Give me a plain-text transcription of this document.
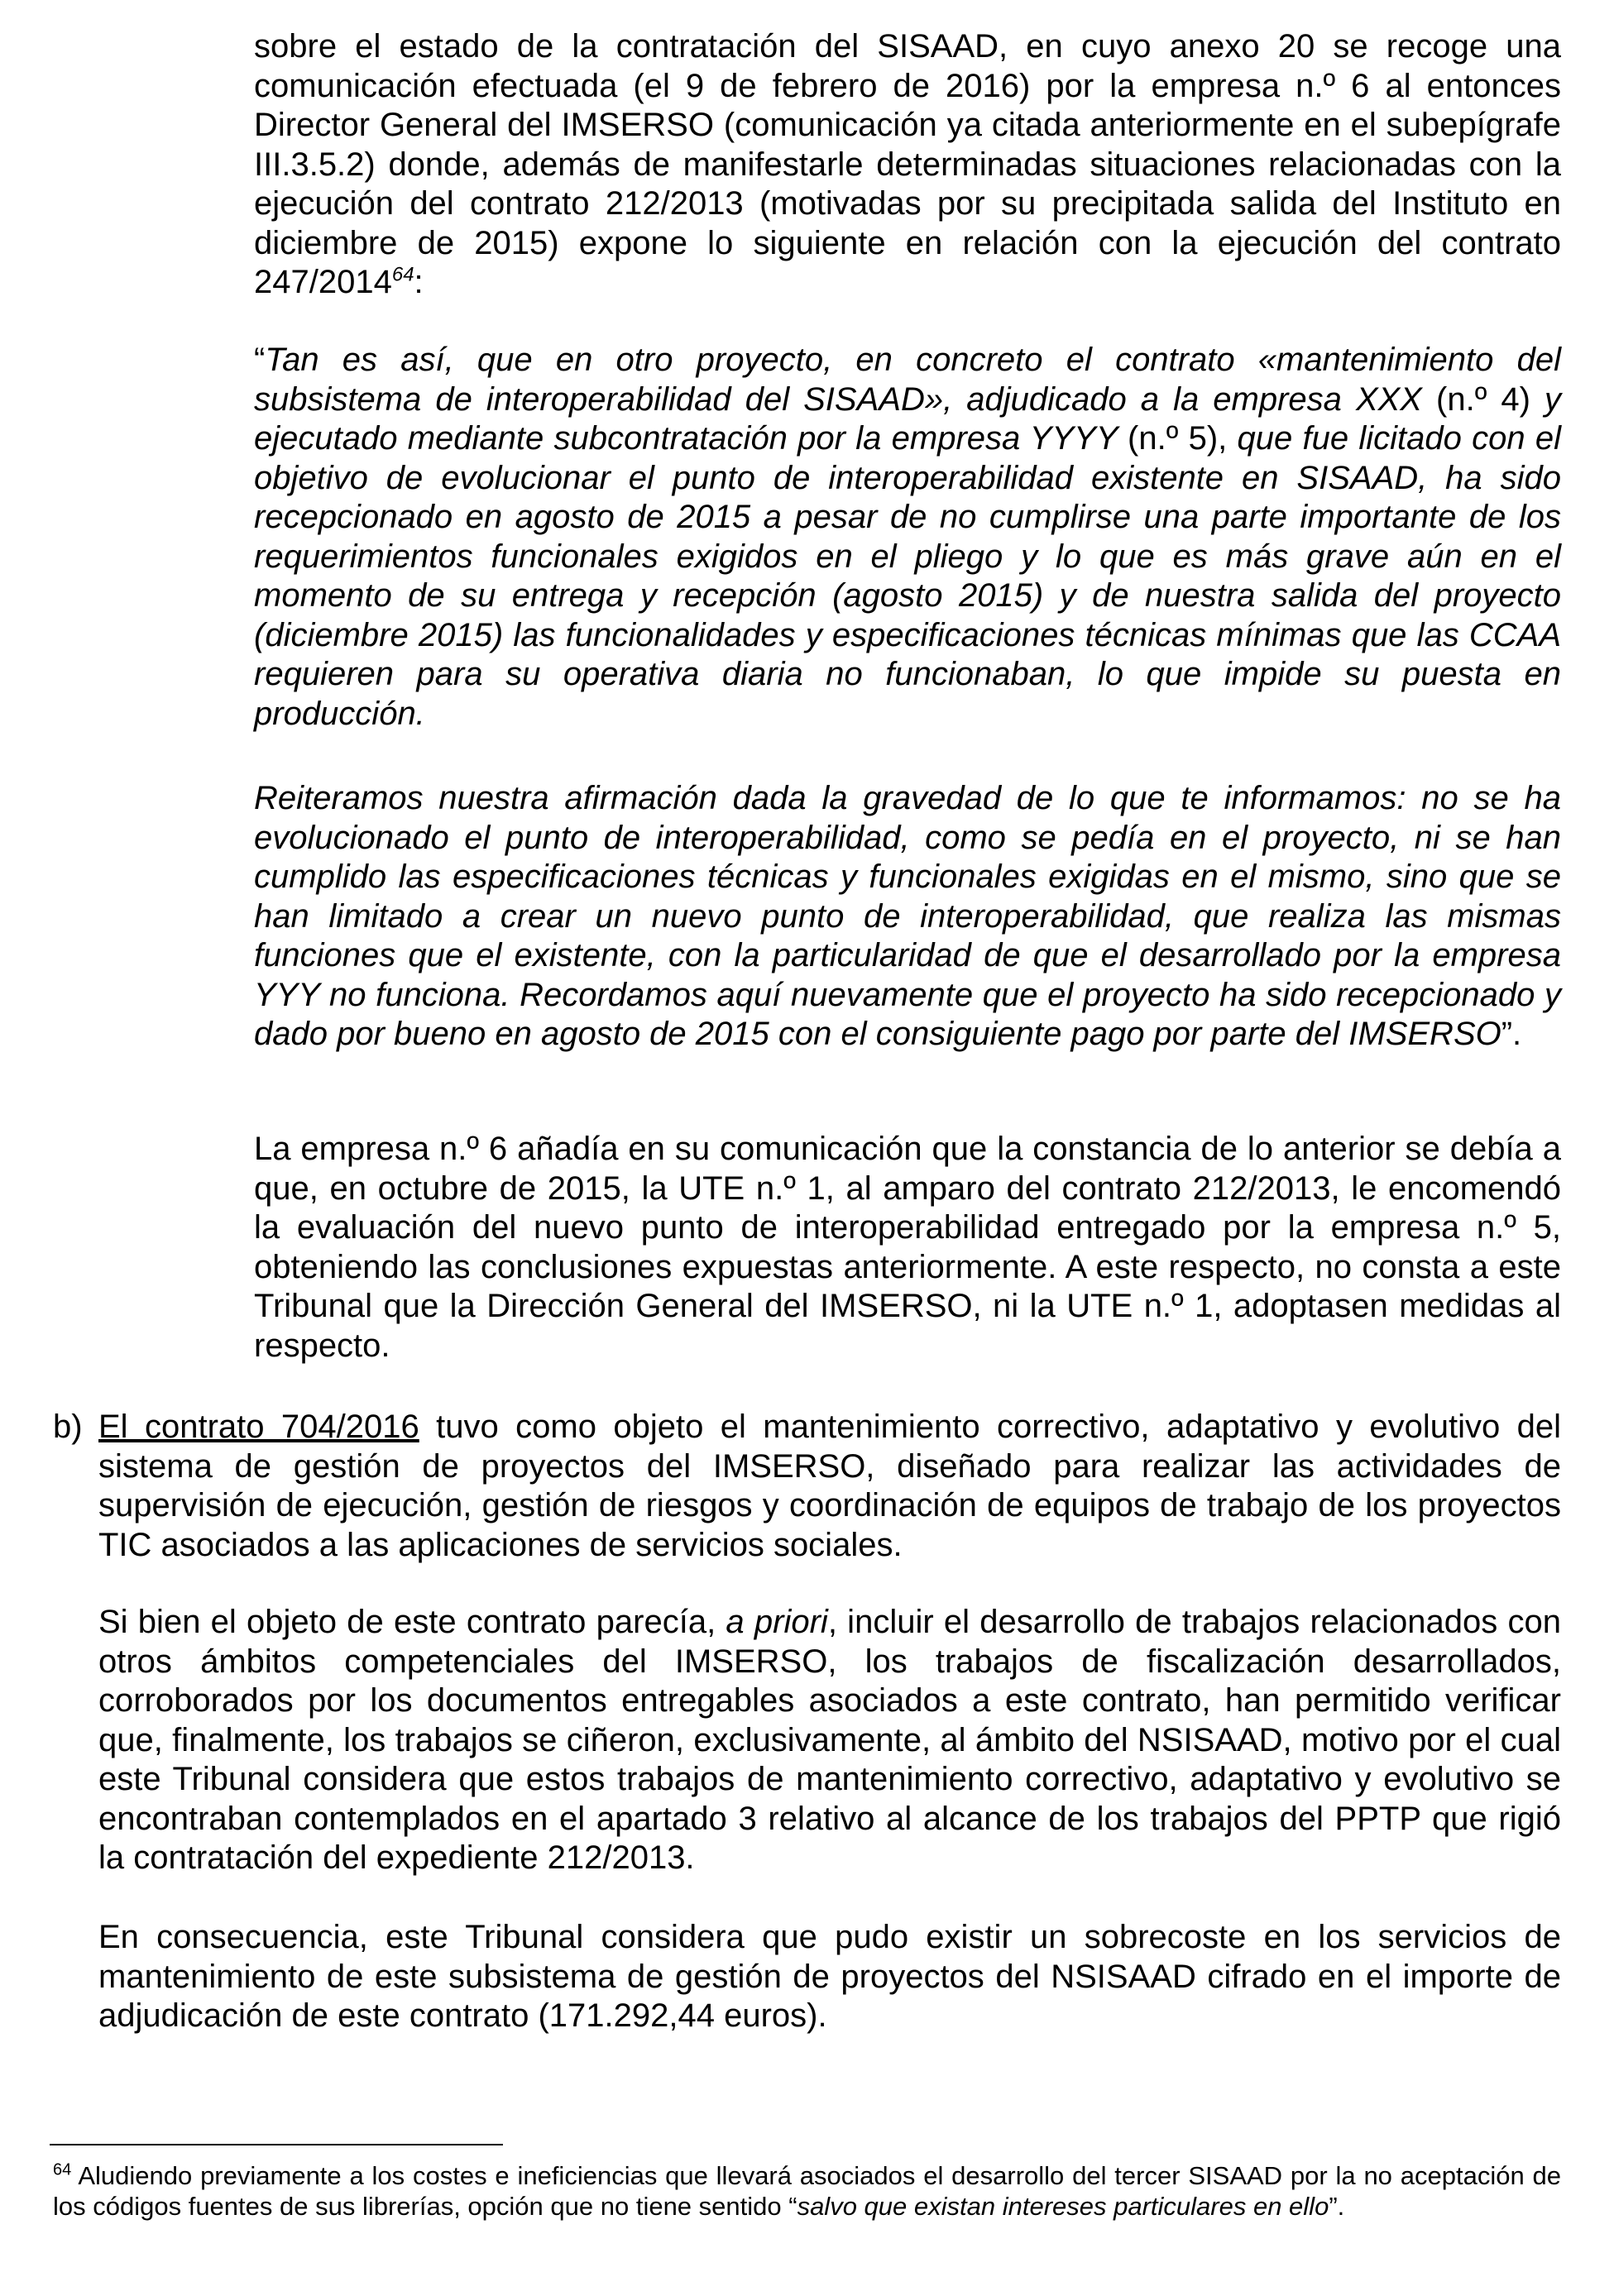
sobre el estado de la contratación del SISAAD, en cuyo anexo 20 se recoge una comunicación efectuada (el 9 de febrero de 2016) por la empresa n.º 6 al entonces Director General del IMSERSO (comunicación ya citada anteriormente en el subepígrafe III.3.5.2) donde, además de manifestarle determinadas situaciones relacionadas con la ejecución del contrato 212/2013 (motivadas por su precipitada salida del Instituto en diciembre de 2015) expone lo siguiente en relación con la ejecución del contrato 247/2014$^{64}$:

“Tan es así, que en otro proyecto, en concreto el contrato «mantenimiento del subsistema de interoperabilidad del SISAAD», adjudicado a la empresa XXX (n.º 4) y ejecutado mediante subcontratación por la empresa YYYY (n.º 5), que fue licitado con el objetivo de evolucionar el punto de interoperabilidad existente en SISAAD, ha sido recepcionado en agosto de 2015 a pesar de no cumplirse una parte importante de los requerimientos funcionales exigidos en el pliego y lo que es más grave aún en el momento de su entrega y recepción (agosto 2015) y de nuestra salida del proyecto (diciembre 2015) las funcionalidades y especificaciones técnicas mínimas que las CCAA requieren para su operativa diaria no funcionaban, lo que impide su puesta en producción.

Reiteramos nuestra afirmación dada la gravedad de lo que te informamos: no se ha evolucionado el punto de interoperabilidad, como se pedía en el proyecto, ni se han cumplido las especificaciones técnicas y funcionales exigidas en el mismo, sino que se han limitado a crear un nuevo punto de interoperabilidad, que realiza las mismas funciones que el existente, con la particularidad de que el desarrollado por la empresa YYY no funciona. Recordamos aquí nuevamente que el proyecto ha sido recepcionado y dado por bueno en agosto de 2015 con el consiguiente pago por parte del IMSERSO”.

La empresa n.º 6 añadía en su comunicación que la constancia de lo anterior se debía a que, en octubre de 2015, la UTE n.º 1, al amparo del contrato 212/2013, le encomendó la evaluación del nuevo punto de interoperabilidad entregado por la empresa n.º 5, obteniendo las conclusiones expuestas anteriormente. A este respecto, no consta a este Tribunal que la Dirección General del IMSERSO, ni la UTE n.º 1, adoptasen medidas al respecto.

b) El contrato 704/2016 tuvo como objeto el mantenimiento correctivo, adaptativo y evolutivo del sistema de gestión de proyectos del IMSERSO, diseñado para realizar las actividades de supervisión de ejecución, gestión de riesgos y coordinación de equipos de trabajo de los proyectos TIC asociados a las aplicaciones de servicios sociales.

Si bien el objeto de este contrato parecía, a priori, incluir el desarrollo de trabajos relacionados con otros ámbitos competenciales del IMSERSO, los trabajos de fiscalización desarrollados, corroborados por los documentos entregables asociados a este contrato, han permitido verificar que, finalmente, los trabajos se ciñeron, exclusivamente, al ámbito del NSISAAD, motivo por el cual este Tribunal considera que estos trabajos de mantenimiento correctivo, adaptativo y evolutivo se encontraban contemplados en el apartado 3 relativo al alcance de los trabajos del PPTP que rigió la contratación del expediente 212/2013.

En consecuencia, este Tribunal considera que pudo existir un sobrecoste en los servicios de mantenimiento de este subsistema de gestión de proyectos del NSISAAD cifrado en el importe de adjudicación de este contrato (171.292,44 euros).

$^{64}$ Aludiendo previamente a los costes e ineficiencias que llevará asociados el desarrollo del tercer SISAAD por la no aceptación de los códigos fuentes de sus librerías, opción que no tiene sentido “salvo que existan intereses particulares en ello”.
